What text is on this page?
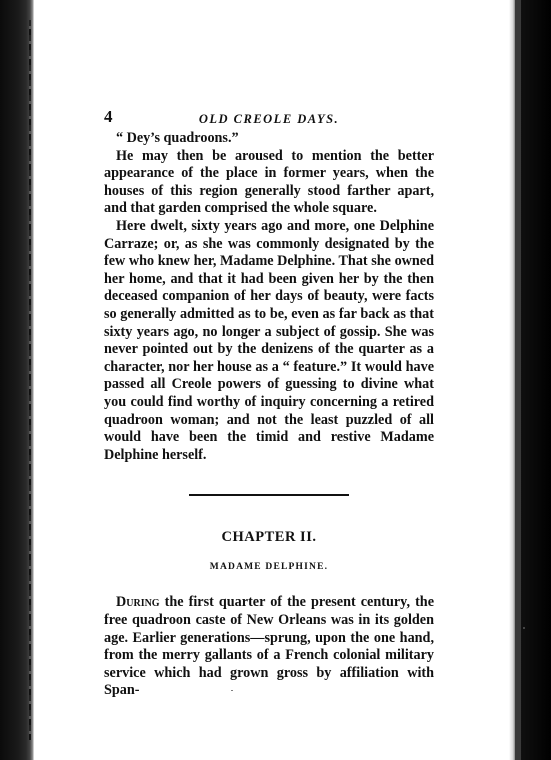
4	OLD CREOLE DAYS.

“ Dey’s quadroons.”

He may then be aroused to mention the better appearance of the place in former years, when the houses of this region generally stood farther apart, and that garden comprised the whole square.

Here dwelt, sixty years ago and more, one Delphine Carraze; or, as she was commonly designated by the few who knew her, Madame Delphine. That she owned her home, and that it had been given her by the then deceased companion of her days of beauty, were facts so generally admitted as to be, even as far back as that sixty years ago, no longer a subject of gossip. She was never pointed out by the denizens of the quarter as a character, nor her house as a “ feature.” It would have passed all Creole powers of guessing to divine what you could find worthy of inquiry concerning a retired quadroon woman; and not the least puzzled of all would have been the timid and restive Madame Delphine herself.

CHAPTER II.
MADAME DELPHINE.

During the first quarter of the present century, the free quadroon caste of New Orleans was in its golden age. Earlier generations—sprung, upon the one hand, from the merry gallants of a French colonial military service which had grown gross by affiliation with Span-
